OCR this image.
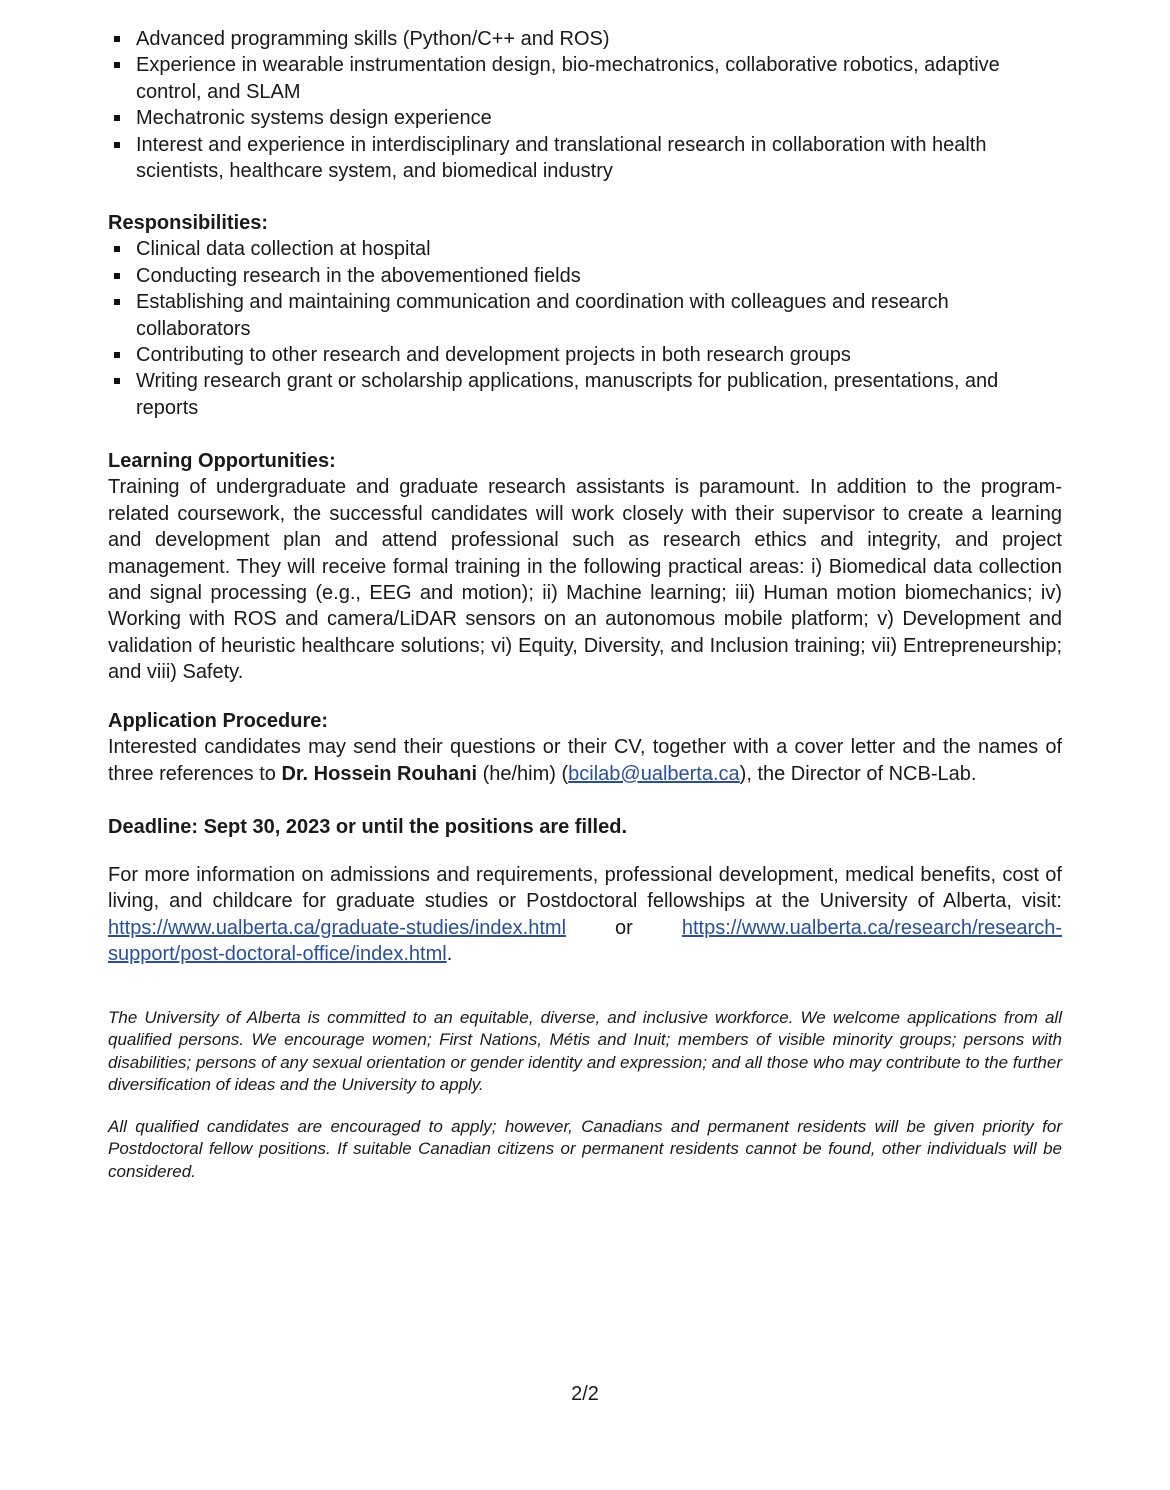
Advanced programming skills (Python/C++ and ROS)
Experience in wearable instrumentation design, bio-mechatronics, collaborative robotics, adaptive control, and SLAM
Mechatronic systems design experience
Interest and experience in interdisciplinary and translational research in collaboration with health scientists, healthcare system, and biomedical industry
Responsibilities:
Clinical data collection at hospital
Conducting research in the abovementioned fields
Establishing and maintaining communication and coordination with colleagues and research collaborators
Contributing to other research and development projects in both research groups
Writing research grant or scholarship applications, manuscripts for publication, presentations, and reports
Learning Opportunities:
Training of undergraduate and graduate research assistants is paramount. In addition to the program-related coursework, the successful candidates will work closely with their supervisor to create a learning and development plan and attend professional such as research ethics and integrity, and project management. They will receive formal training in the following practical areas: i) Biomedical data collection and signal processing (e.g., EEG and motion); ii) Machine learning; iii) Human motion biomechanics; iv) Working with ROS and camera/LiDAR sensors on an autonomous mobile platform; v) Development and validation of heuristic healthcare solutions; vi) Equity, Diversity, and Inclusion training; vii) Entrepreneurship; and viii) Safety.
Application Procedure:
Interested candidates may send their questions or their CV, together with a cover letter and the names of three references to Dr. Hossein Rouhani (he/him) (bcilab@ualberta.ca), the Director of NCB-Lab.
Deadline: Sept 30, 2023 or until the positions are filled.
For more information on admissions and requirements, professional development, medical benefits, cost of living, and childcare for graduate studies or Postdoctoral fellowships at the University of Alberta, visit: https://www.ualberta.ca/graduate-studies/index.html or https://www.ualberta.ca/research/research-support/post-doctoral-office/index.html.
The University of Alberta is committed to an equitable, diverse, and inclusive workforce. We welcome applications from all qualified persons. We encourage women; First Nations, Métis and Inuit; members of visible minority groups; persons with disabilities; persons of any sexual orientation or gender identity and expression; and all those who may contribute to the further diversification of ideas and the University to apply.
All qualified candidates are encouraged to apply; however, Canadians and permanent residents will be given priority for Postdoctoral fellow positions. If suitable Canadian citizens or permanent residents cannot be found, other individuals will be considered.
2/2
